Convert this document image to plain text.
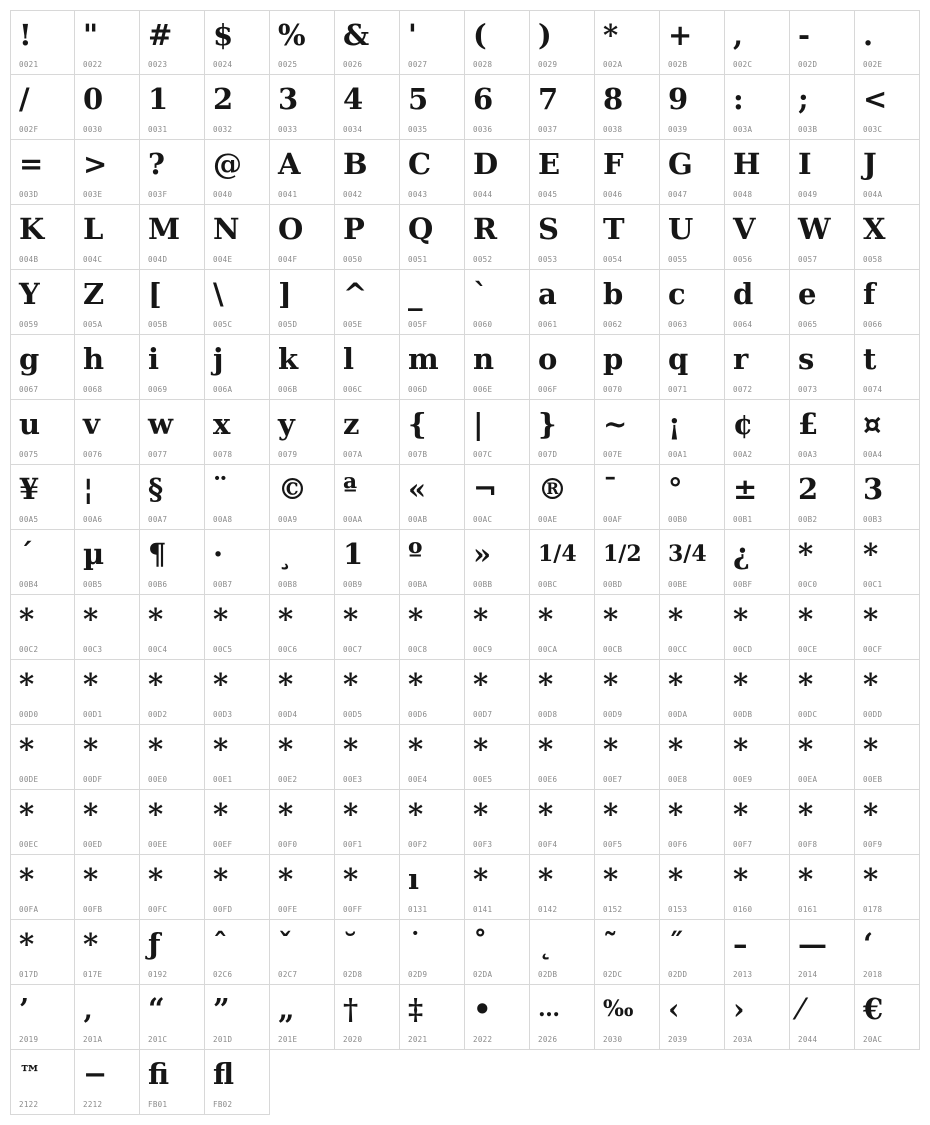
!
0021
"
0022
#
0023
$
0024
%
0025
&
0026
'
0027
(
0028
)
0029
*
002A
+
002B
,
002C
-
002D
.
002E
/
002F
0
0030
1
0031
2
0032
3
0033
4
0034
5
0035
6
0036
7
0037
8
0038
9
0039
:
003A
;
003B
<
003C
=
003D
>
003E
?
003F
@
0040
A
0041
B
0042
C
0043
D
0044
E
0045
F
0046
G
0047
H
0048
I
0049
J
004A
K
004B
L
004C
M
004D
N
004E
O
004F
P
0050
Q
0051
R
0052
S
0053
T
0054
U
0055
V
0056
W
0057
X
0058
Y
0059
Z
005A
[
005B
\
005C
]
005D
^
005E
_
005F
`
0060
a
0061
b
0062
c
0063
d
0064
e
0065
f
0066
g
0067
h
0068
i
0069
j
006A
k
006B
l
006C
m
006D
n
006E
o
006F
p
0070
q
0071
r
0072
s
0073
t
0074
u
0075
v
0076
w
0077
x
0078
y
0079
z
007A
{
007B
|
007C
}
007D
~
007E
¡
00A1
¢
00A2
£
00A3
¤
00A4
¥
00A5
¦
00A6
§
00A7
¨
00A8
©
00A9
ª
00AA
«
00AB
¬
00AC
®
00AE
¯
00AF
°
00B0
±
00B1
2
00B2
3
00B3
´
00B4
µ
00B5
¶
00B6
·
00B7
¸
00B8
1
00B9
º
00BA
»
00BB
1/4
00BC
1/2
00BD
3/4
00BE
¿
00BF
*
00C0
*
00C1
*
00C2
*
00C3
*
00C4
*
00C5
*
00C6
*
00C7
*
00C8
*
00C9
*
00CA
*
00CB
*
00CC
*
00CD
*
00CE
*
00CF
*
00D0
*
00D1
*
00D2
*
00D3
*
00D4
*
00D5
*
00D6
*
00D7
*
00D8
*
00D9
*
00DA
*
00DB
*
00DC
*
00DD
*
00DE
*
00DF
*
00E0
*
00E1
*
00E2
*
00E3
*
00E4
*
00E5
*
00E6
*
00E7
*
00E8
*
00E9
*
00EA
*
00EB
*
00EC
*
00ED
*
00EE
*
00EF
*
00F0
*
00F1
*
00F2
*
00F3
*
00F4
*
00F5
*
00F6
*
00F7
*
00F8
*
00F9
*
00FA
*
00FB
*
00FC
*
00FD
*
00FE
*
00FF
ı
0131
*
0141
*
0142
*
0152
*
0153
*
0160
*
0161
*
0178
*
017D
*
017E
ƒ
0192
ˆ
02C6
ˇ
02C7
˘
02D8
˙
02D9
˚
02DA
˛
02DB
˜
02DC
˝
02DD
–
2013
—
2014
‘
2018
’
2019
‚
201A
“
201C
”
201D
„
201E
†
2020
‡
2021
•
2022
…
2026
‰
2030
‹
2039
›
203A
⁄
2044
€
20AC
™
2122
−
2212
ﬁ
FB01
ﬂ
FB02
